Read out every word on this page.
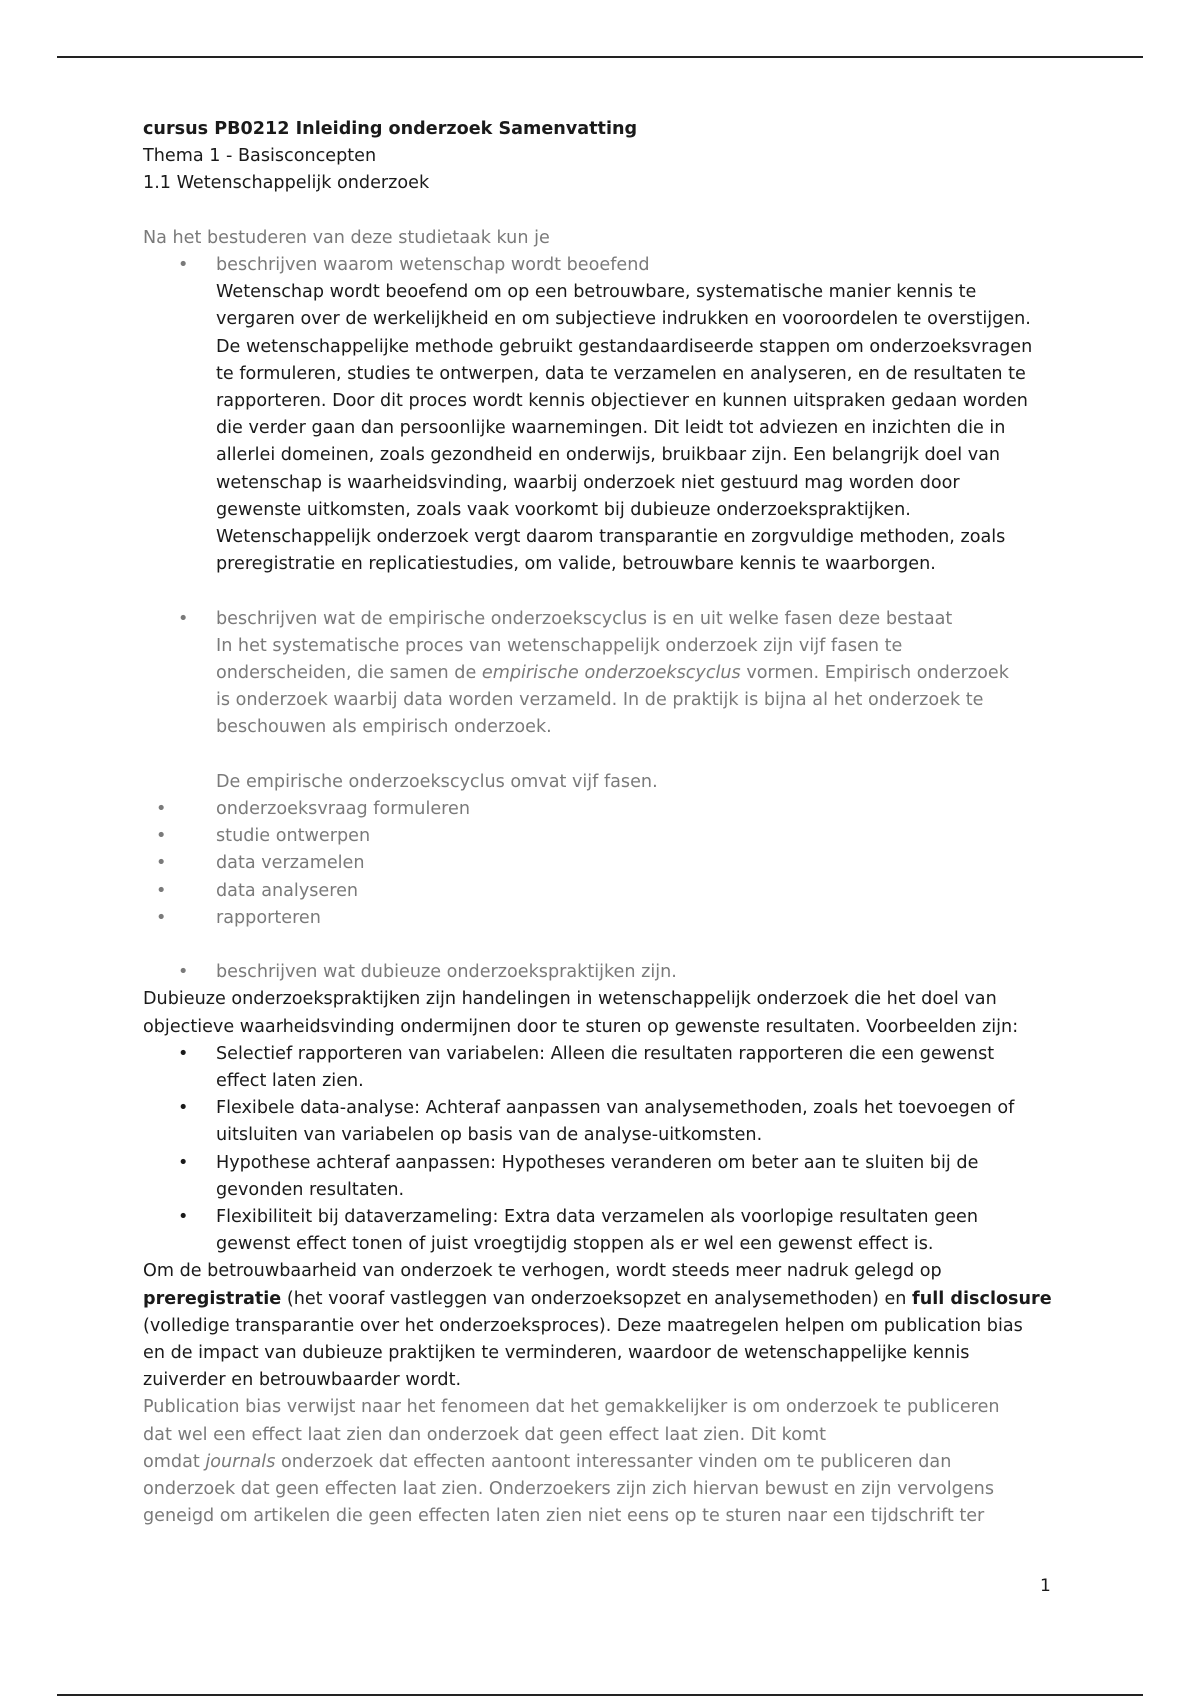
cursus PB0212 Inleiding onderzoek Samenvatting
Thema 1 - Basisconcepten
1.1 Wetenschappelijk onderzoek
Na het bestuderen van deze studietaak kun je
• beschrijven waarom wetenschap wordt beoefend
Wetenschap wordt beoefend om op een betrouwbare, systematische manier kennis te
vergaren over de werkelijkheid en om subjectieve indrukken en vooroordelen te overstijgen.
De wetenschappelijke methode gebruikt gestandaardiseerde stappen om onderzoeksvragen
te formuleren, studies te ontwerpen, data te verzamelen en analyseren, en de resultaten te
rapporteren. Door dit proces wordt kennis objectiever en kunnen uitspraken gedaan worden
die verder gaan dan persoonlijke waarnemingen. Dit leidt tot adviezen en inzichten die in
allerlei domeinen, zoals gezondheid en onderwijs, bruikbaar zijn. Een belangrijk doel van
wetenschap is waarheidsvinding, waarbij onderzoek niet gestuurd mag worden door
gewenste uitkomsten, zoals vaak voorkomt bij dubieuze onderzoekspraktijken.
Wetenschappelijk onderzoek vergt daarom transparantie en zorgvuldige methoden, zoals
preregistratie en replicatiestudies, om valide, betrouwbare kennis te waarborgen.
• beschrijven wat de empirische onderzoekscyclus is en uit welke fasen deze bestaat
In het systematische proces van wetenschappelijk onderzoek zijn vijf fasen te
onderscheiden, die samen de empirische onderzoekscyclus vormen. Empirisch onderzoek
is onderzoek waarbij data worden verzameld. In de praktijk is bijna al het onderzoek te
beschouwen als empirisch onderzoek.
De empirische onderzoekscyclus omvat vijf fasen.
•	onderzoeksvraag formuleren
•	studie ontwerpen
•	data verzamelen
•	data analyseren
•	rapporteren
• beschrijven wat dubieuze onderzoekspraktijken zijn.
Dubieuze onderzoekspraktijken zijn handelingen in wetenschappelijk onderzoek die het doel van
objectieve waarheidsvinding ondermijnen door te sturen op gewenste resultaten. Voorbeelden zijn:
• Selectief rapporteren van variabelen: Alleen die resultaten rapporteren die een gewenst
effect laten zien.
• Flexibele data-analyse: Achteraf aanpassen van analysemethoden, zoals het toevoegen of
uitsluiten van variabelen op basis van de analyse-uitkomsten.
• Hypothese achteraf aanpassen: Hypotheses veranderen om beter aan te sluiten bij de
gevonden resultaten.
• Flexibiliteit bij dataverzameling: Extra data verzamelen als voorlopige resultaten geen
gewenst effect tonen of juist vroegtijdig stoppen als er wel een gewenst effect is.
Om de betrouwbaarheid van onderzoek te verhogen, wordt steeds meer nadruk gelegd op
preregistratie (het vooraf vastleggen van onderzoeksopzet en analysemethoden) en full disclosure
(volledige transparantie over het onderzoeksproces). Deze maatregelen helpen om publication bias
en de impact van dubieuze praktijken te verminderen, waardoor de wetenschappelijke kennis
zuiverder en betrouwbaarder wordt.
Publication bias verwijst naar het fenomeen dat het gemakkelijker is om onderzoek te publiceren
dat wel een effect laat zien dan onderzoek dat geen effect laat zien. Dit komt
omdat journals onderzoek dat effecten aantoont interessanter vinden om te publiceren dan
onderzoek dat geen effecten laat zien. Onderzoekers zijn zich hiervan bewust en zijn vervolgens
geneigd om artikelen die geen effecten laten zien niet eens op te sturen naar een tijdschrift ter
1
